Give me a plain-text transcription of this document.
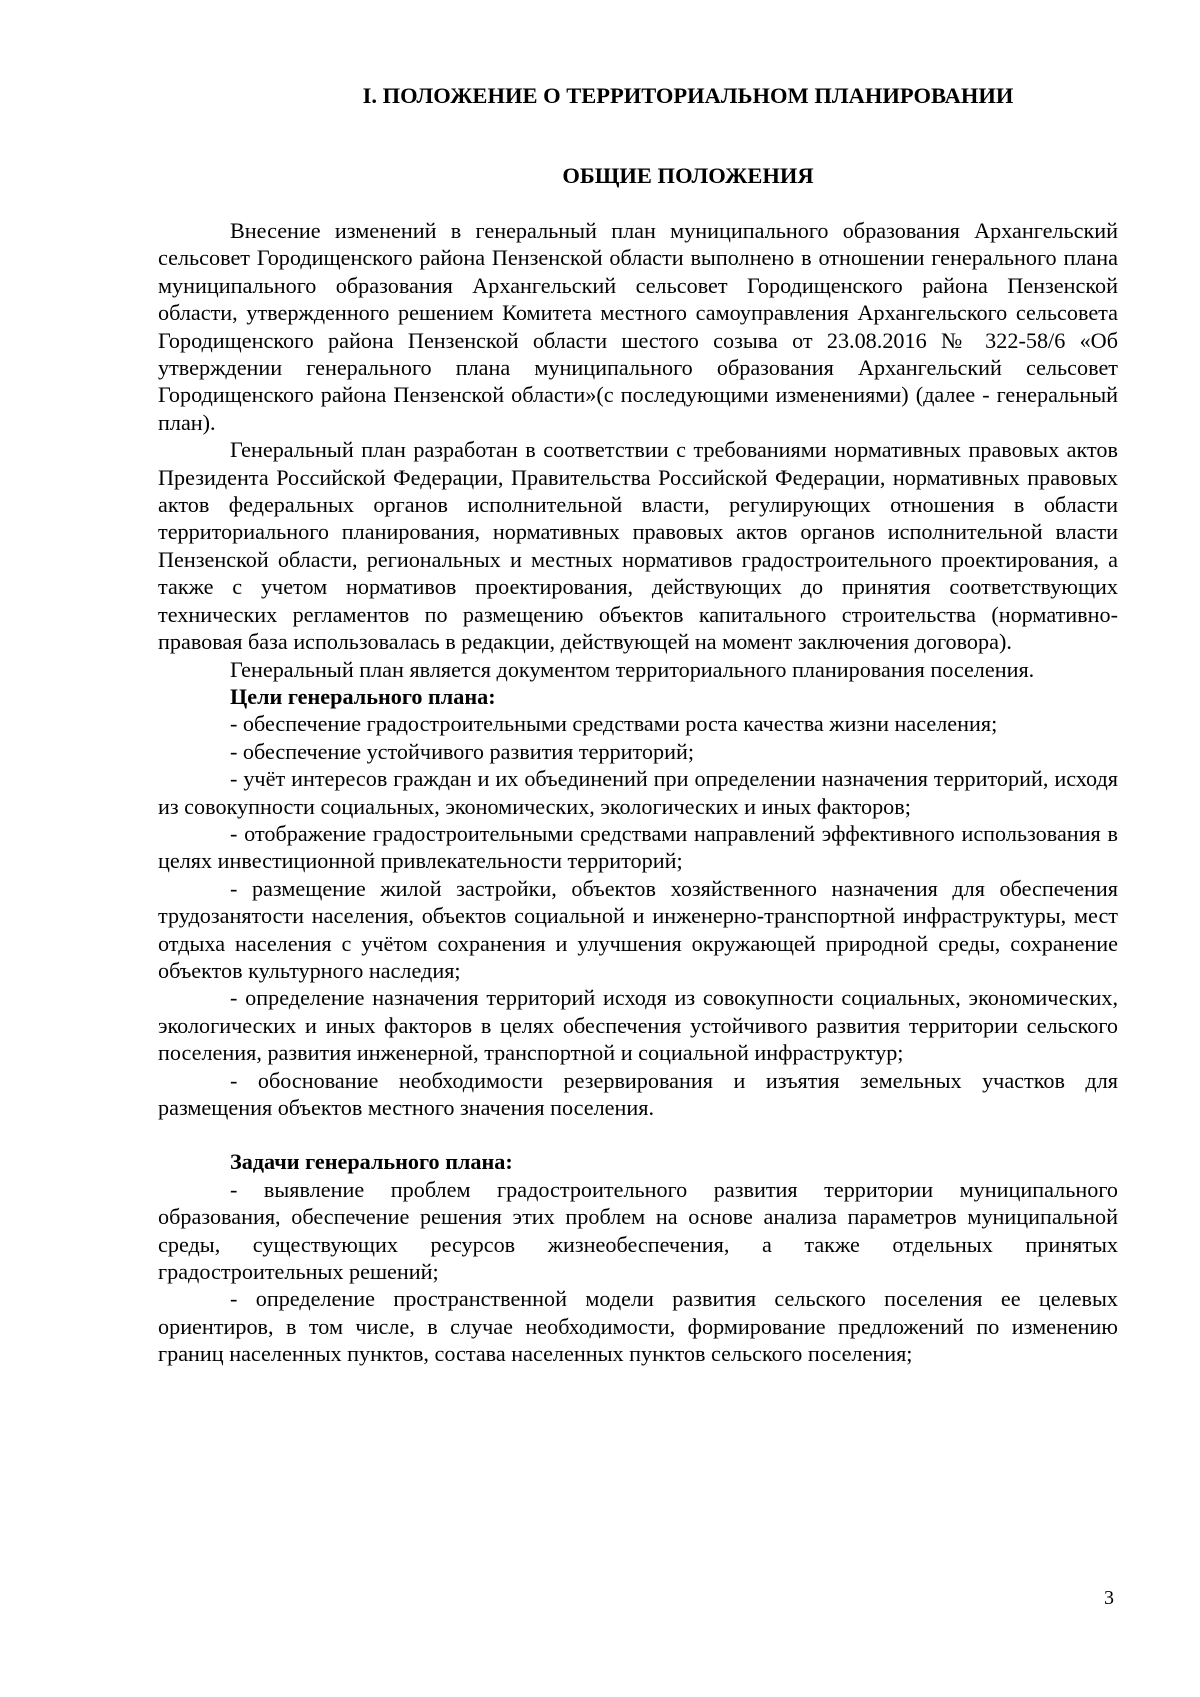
I. ПОЛОЖЕНИЕ О ТЕРРИТОРИАЛЬНОМ ПЛАНИРОВАНИИ
ОБЩИЕ ПОЛОЖЕНИЯ

Внесение изменений в генеральный план муниципального образования Архангельский сельсовет Городищенского района Пензенской области выполнено в отношении генерального плана муниципального образования Архангельский сельсовет Городищенского района Пензенской области, утвержденного решением Комитета местного самоуправления Архангельского сельсовета Городищенского района Пензенской области шестого созыва от 23.08.2016 № 322-58/6 «Об утверждении генерального плана муниципального образования Архангельский сельсовет Городищенского района Пензенской области»(с последующими изменениями) (далее - генеральный план).

Генеральный план разработан в соответствии с требованиями нормативных правовых актов Президента Российской Федерации, Правительства Российской Федерации, нормативных правовых актов федеральных органов исполнительной власти, регулирующих отношения в области территориального планирования, нормативных правовых актов органов исполнительной власти Пензенской области, региональных и местных нормативов градостроительного проектирования, а также с учетом нормативов проектирования, действующих до принятия соответствующих технических регламентов по размещению объектов капитального строительства (нормативно-правовая база использовалась в редакции, действующей на момент заключения договора).

Генеральный план является документом территориального планирования поселения.

Цели генерального плана:

- обеспечение градостроительными средствами роста качества жизни населения;

- обеспечение устойчивого развития территорий;

- учёт интересов граждан и их объединений при определении назначения территорий, исходя из совокупности социальных, экономических, экологических и иных факторов;

- отображение градостроительными средствами направлений эффективного использования в целях инвестиционной привлекательности территорий;

- размещение жилой застройки, объектов хозяйственного назначения для обеспечения трудозанятости населения, объектов социальной и инженерно-транспортной инфраструктуры, мест отдыха населения с учётом сохранения и улучшения окружающей природной среды, сохранение объектов культурного наследия;

- определение назначения территорий исходя из совокупности социальных, экономических, экологических и иных факторов в целях обеспечения устойчивого развития территории сельского поселения, развития инженерной, транспортной и социальной инфраструктур;

- обоснование необходимости резервирования и изъятия земельных участков для размещения объектов местного значения поселения.

Задачи генерального плана:

- выявление проблем градостроительного развития территории муниципального образования, обеспечение решения этих проблем на основе анализа параметров муниципальной среды, существующих ресурсов жизнеобеспечения, а также отдельных принятых градостроительных решений;

- определение пространственной модели развития сельского поселения ее целевых ориентиров, в том числе, в случае необходимости, формирование предложений по изменению границ населенных пунктов, состава населенных пунктов сельского поселения;

3
